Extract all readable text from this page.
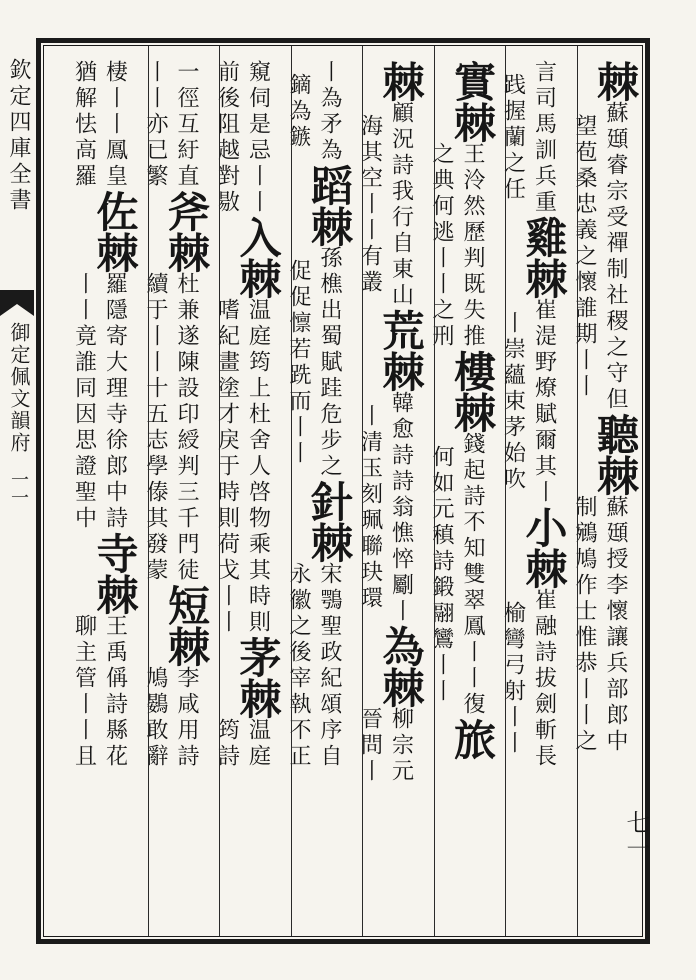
欽定四庫全書
御定佩文韻府
一一
棘
蘇頲睿宗受禪制社稷之守但
望苞桑忠義之懷誰期丨丨
聽棘
蘇頲授李懷讓兵部郎中
制鵷鳩作士惟恭丨丨之
言司馬訓兵重
践握蘭之任
雞棘
崔湜野燎賦爾其丨
丨崇蘊束茅始吹
小棘
崔融詩拔劍斬長
榆彎弓射丨丨
實棘
王泠然歷判既失推
之典何逃丨丨之刑
樓棘
錢起詩不知雙翠鳳丨丨復
何如元稹詩鍛翮鸞丨丨
旅
棘
顧況詩我行自東山
海其空丨丨有叢
荒棘
韓愈詩詩翁憔悴劚丨
丨清玉刻珮聯玦環
為棘
柳宗元
晉問丨
丨為矛為
鏑為鏃
蹈棘
孫樵出蜀賦跬危步之
促促懔若跣而丨丨
針棘
宋鶚聖政紀頌序自
永徽之後宰執不正
窺伺是忌丨丨
前後阻越對敭
入棘
温庭筠上杜舍人啓物乘其時則
嗜紀畫塗才戾于時則荷戈丨丨
茅棘
温庭
筠詩
一徑互紆直
丨丨亦已繁
斧棘
杜兼遂陳設印綬判三千門徒
續于丨丨十五志學傣其發蒙
短棘
李咸用詩
鳩鷃敢辭
棲丨丨鳳皇
猶解怯高羅
佐棘
羅隱寄大理寺徐郎中詩
丨丨竟誰同因思證聖中
寺棘
王禹偁詩縣花
聊主管丨丨且
七一
